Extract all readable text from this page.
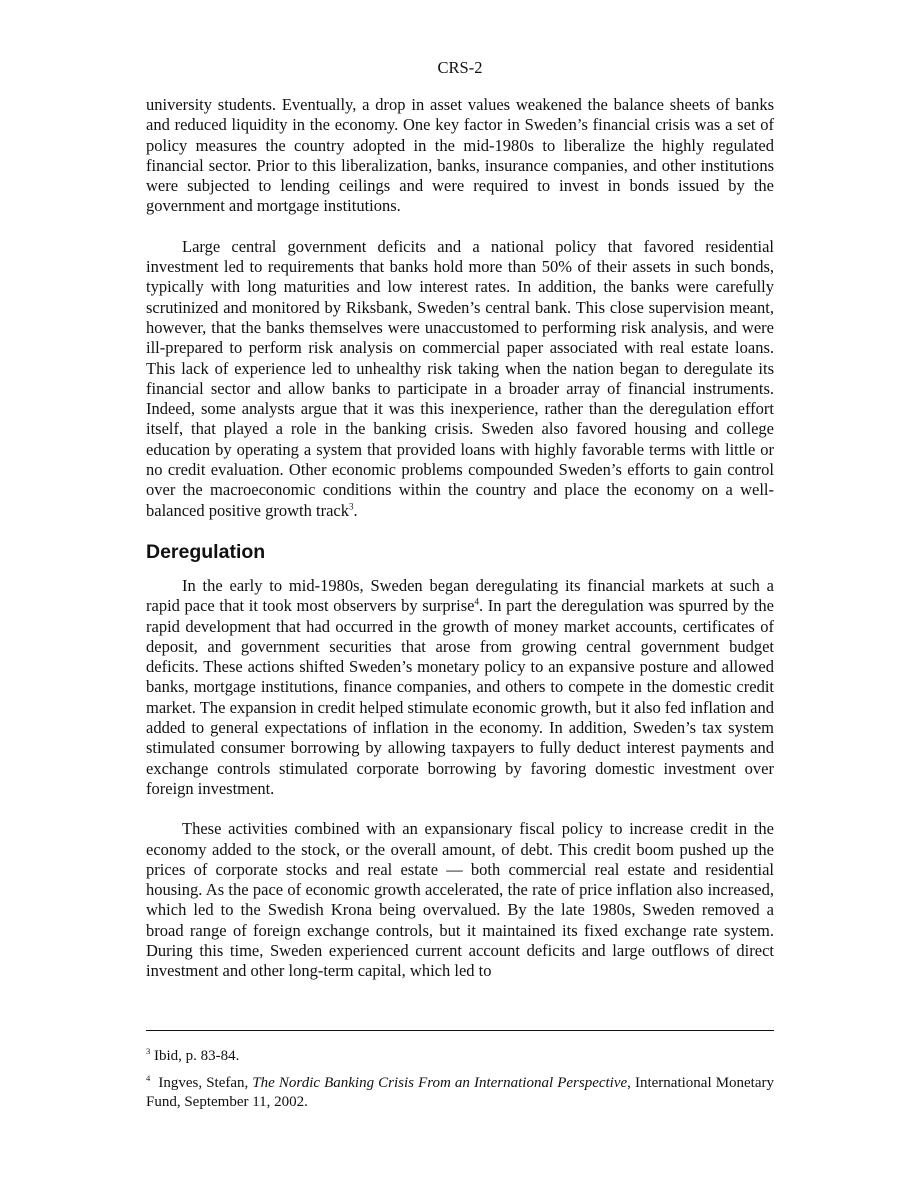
CRS-2

university students. Eventually, a drop in asset values weakened the balance sheets of banks and reduced liquidity in the economy. One key factor in Sweden’s financial crisis was a set of policy measures the country adopted in the mid-1980s to liberalize the highly regulated financial sector. Prior to this liberalization, banks, insurance companies, and other institutions were subjected to lending ceilings and were required to invest in bonds issued by the government and mortgage institutions.

Large central government deficits and a national policy that favored residential investment led to requirements that banks hold more than 50% of their assets in such bonds, typically with long maturities and low interest rates. In addition, the banks were carefully scrutinized and monitored by Riksbank, Sweden’s central bank. This close supervision meant, however, that the banks themselves were unaccustomed to performing risk analysis, and were ill-prepared to perform risk analysis on commercial paper associated with real estate loans. This lack of experience led to unhealthy risk taking when the nation began to deregulate its financial sector and allow banks to participate in a broader array of financial instruments. Indeed, some analysts argue that it was this inexperience, rather than the deregulation effort itself, that played a role in the banking crisis. Sweden also favored housing and college education by operating a system that provided loans with highly favorable terms with little or no credit evaluation. Other economic problems compounded Sweden’s efforts to gain control over the macroeconomic conditions within the country and place the economy on a well-balanced positive growth track$^3$.

Deregulation

In the early to mid-1980s, Sweden began deregulating its financial markets at such a rapid pace that it took most observers by surprise$^4$. In part the deregulation was spurred by the rapid development that had occurred in the growth of money market accounts, certificates of deposit, and government securities that arose from growing central government budget deficits. These actions shifted Sweden’s monetary policy to an expansive posture and allowed banks, mortgage institutions, finance companies, and others to compete in the domestic credit market. The expansion in credit helped stimulate economic growth, but it also fed inflation and added to general expectations of inflation in the economy. In addition, Sweden’s tax system stimulated consumer borrowing by allowing taxpayers to fully deduct interest payments and exchange controls stimulated corporate borrowing by favoring domestic investment over foreign investment.

These activities combined with an expansionary fiscal policy to increase credit in the economy added to the stock, or the overall amount, of debt. This credit boom pushed up the prices of corporate stocks and real estate — both commercial real estate and residential housing. As the pace of economic growth accelerated, the rate of price inflation also increased, which led to the Swedish Krona being overvalued. By the late 1980s, Sweden removed a broad range of foreign exchange controls, but it maintained its fixed exchange rate system. During this time, Sweden experienced current account deficits and large outflows of direct investment and other long-term capital, which led to

$^3$ Ibid, p. 83-84.

$^4$ Ingves, Stefan, The Nordic Banking Crisis From an International Perspective, International Monetary Fund, September 11, 2002.
